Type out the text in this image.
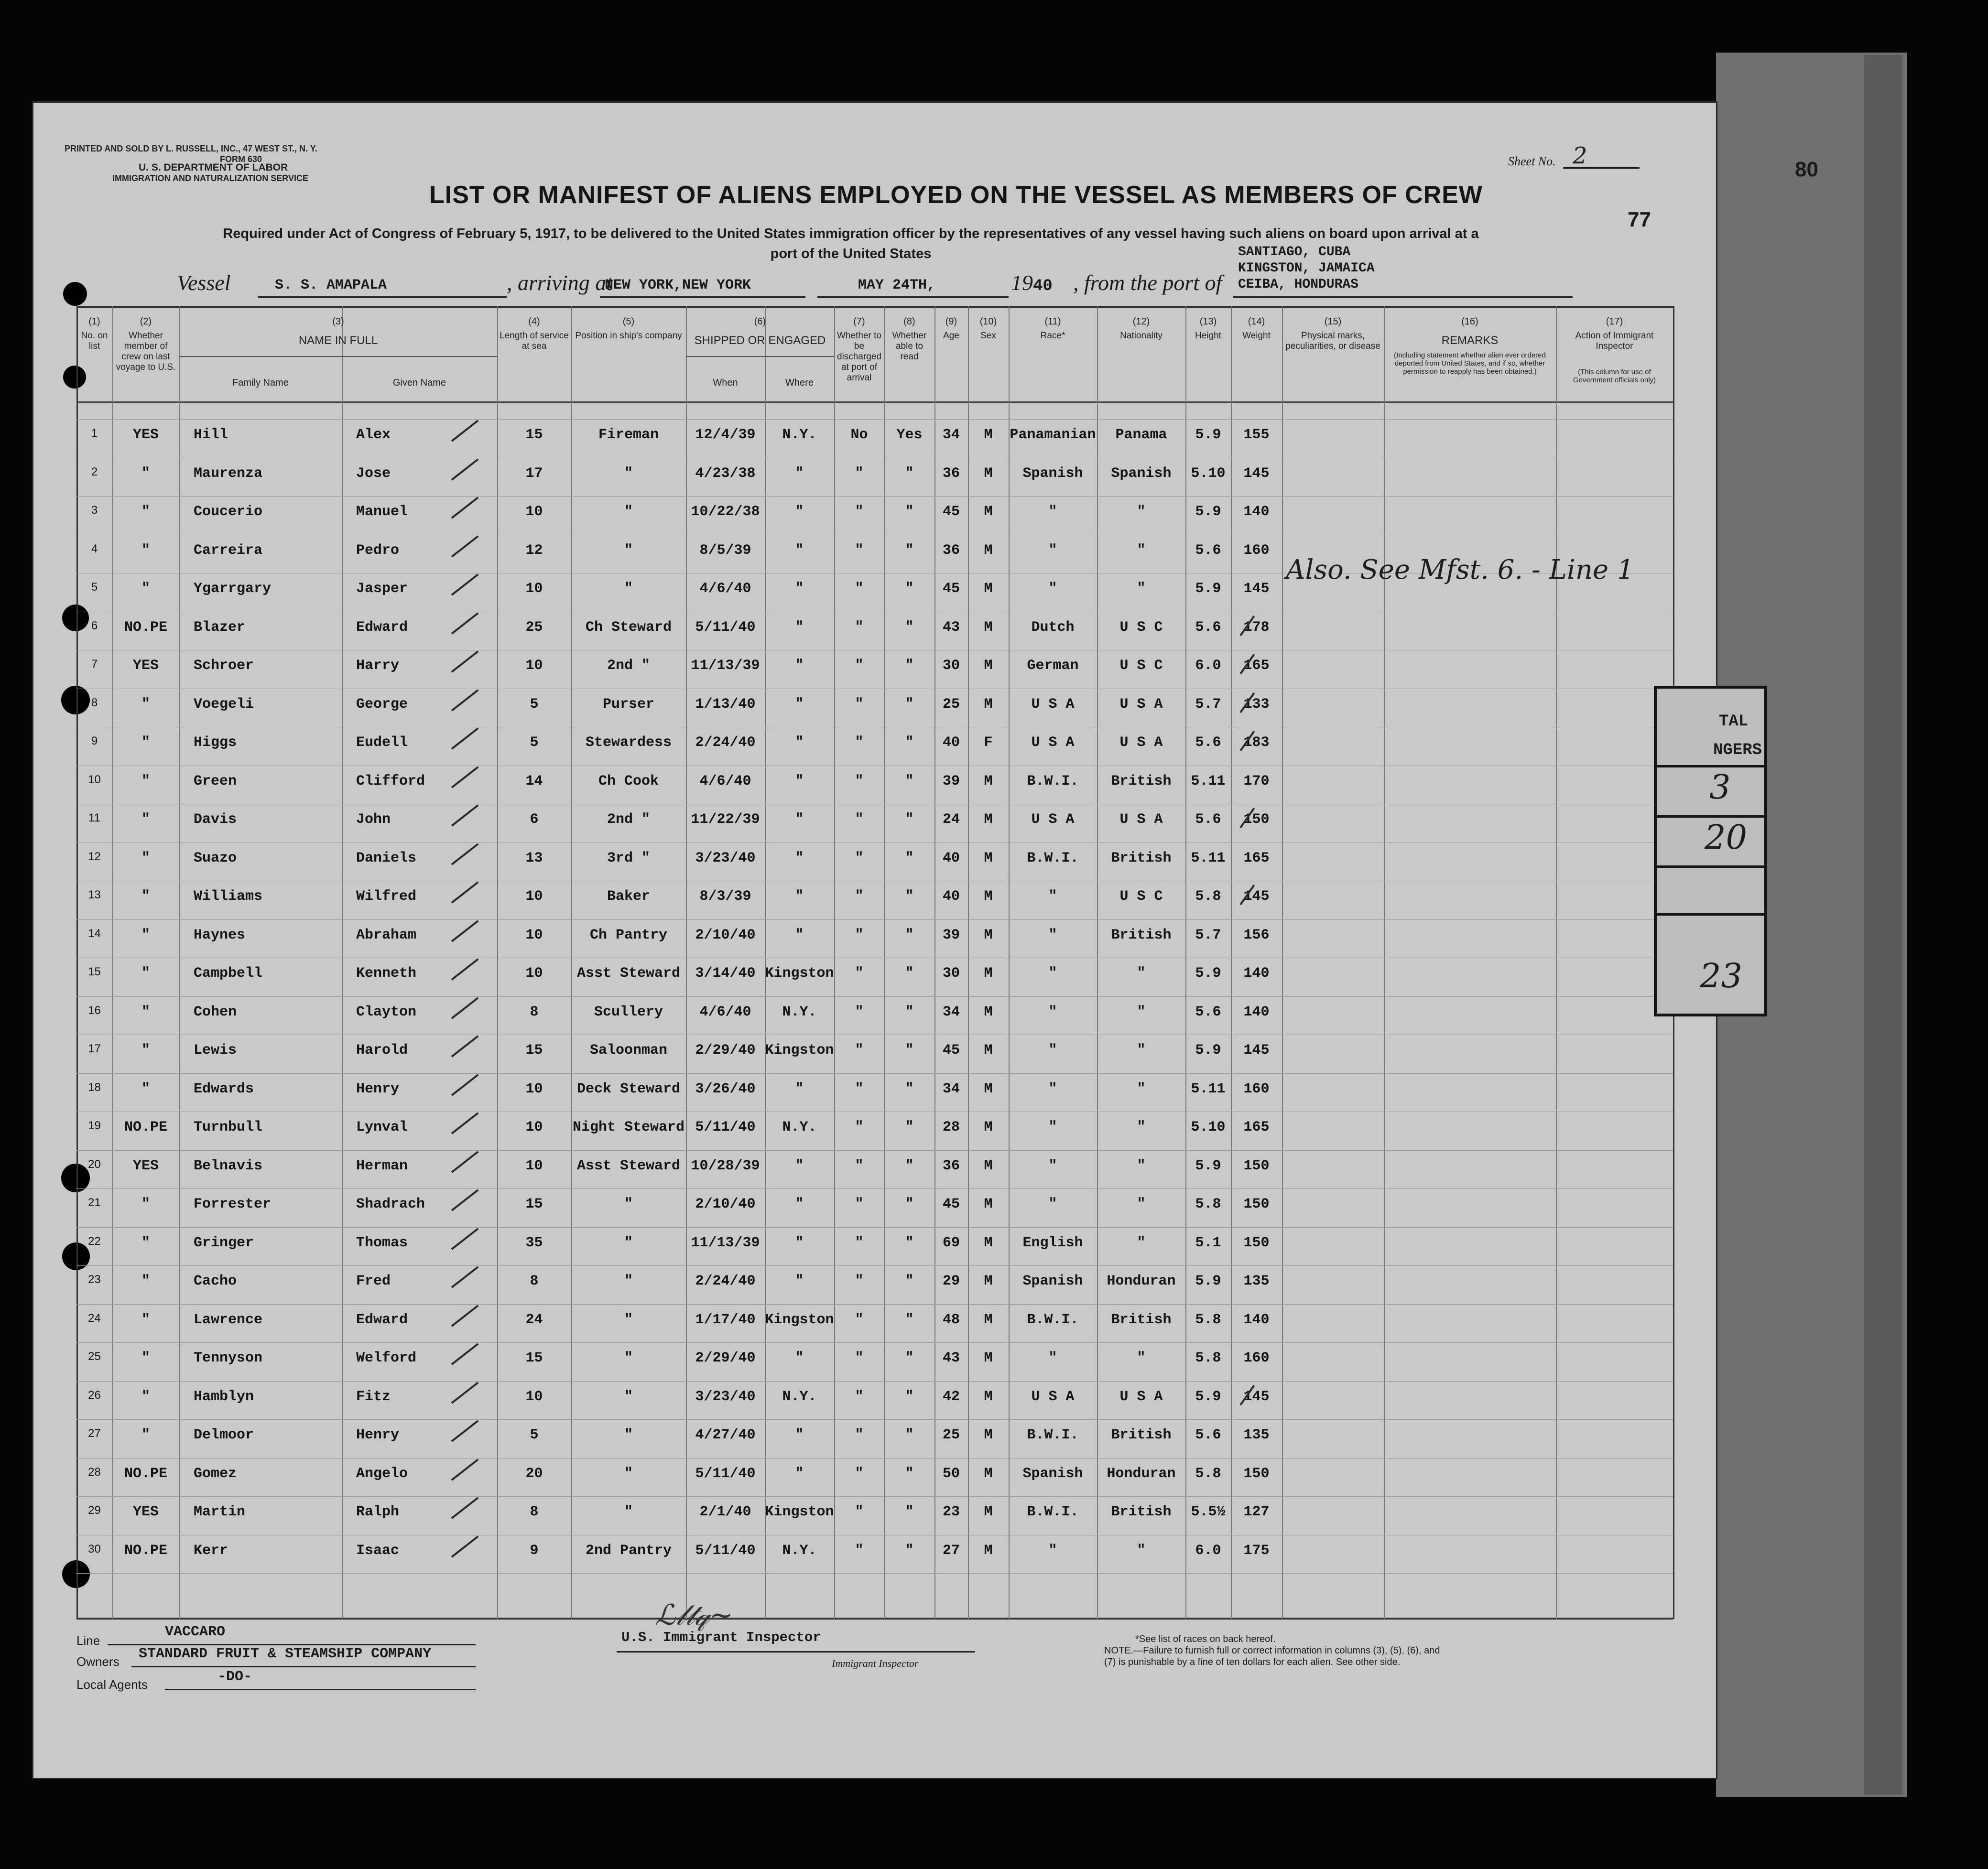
80
PRINTED AND SOLD BY L. RUSSELL, INC., 47 WEST ST., N. Y.
FORM 630
U. S. DEPARTMENT OF LABOR
IMMIGRATION AND NATURALIZATION SERVICE
Sheet No. 2
LIST OR MANIFEST OF ALIENS EMPLOYED ON THE VESSEL AS MEMBERS OF CREW
77
Required under Act of Congress of February 5, 1917, to be delivered to the United States immigration officer by the representatives of any vessel having such aliens on board upon arrival at a
port of the United States
Vessel	S. S. AMAPALA	, arriving at
NEW YORK,NEW YORK	MAY 24TH,	1940 , from the port of
SANTIAGO, CUBA
KINGSTON, JAMAICA
CEIBA, HONDURAS
(1)
No. on list
(2)
Whether member of crew on last voyage to U.S.
(3)
NAME IN FULL
(4)
Length of service at sea
(5)
Position in ship's company
(6)
SHIPPED OR ENGAGED
(7)
Whether to be discharged at port of arrival
(8)
Whether able to read
(9)
Age
(10)
Sex
(11)
Race*
(12)
Nationality
(13)
Height
(14)
Weight
(15)
Physical marks, peculiarities, or disease
(16)
REMARKS
(17)
Action of Immigrant Inspector
Family Name	Given Name	When	Where
(Including statement whether alien ever ordered deported from United States, and if so, whether permission to reapply has been obtained.)	(This column for use of Government officials only)
1	YES	Hill	Alex	15	Fireman	12/4/39	N.Y.	No	Yes	34	M	Panamanian	Panama	5.9	155
2	"	Maurenza	Jose	17	"	4/23/38	"	"	"	36	M	Spanish	Spanish	5.10	145
3	"	Coucerio	Manuel	10	"	10/22/38	"	"	"	45	M	"	"	5.9	140
4	"	Carreira	Pedro	12	"	8/5/39	"	"	"	36	M	"	"	5.6	160
5	"	Ygarrgary	Jasper	10	"	4/6/40	"	"	"	45	M	"	"	5.9	145
6	NO.PE	Blazer	Edward	25	Ch Steward	5/11/40	"	"	"	43	M	Dutch	U S C	5.6	178
7	YES	Schroer	Harry	10	2nd "	11/13/39	"	"	"	30	M	German	U S C	6.0	165
8	"	Voegeli	George	5	Purser	1/13/40	"	"	"	25	M	U S A	U S A	5.7	133
9	"	Higgs	Eudell	5	Stewardess	2/24/40	"	"	"	40	F	U S A	U S A	5.6	183
10	"	Green	Clifford	14	Ch Cook	4/6/40	"	"	"	39	M	B.W.I.	British	5.11	170
11	"	Davis	John	6	2nd "	11/22/39	"	"	"	24	M	U S A	U S A	5.6	150
12	"	Suazo	Daniels	13	3rd "	3/23/40	"	"	"	40	M	B.W.I.	British	5.11	165
13	"	Williams	Wilfred	10	Baker	8/3/39	"	"	"	40	M	"	U S C	5.8	145
14	"	Haynes	Abraham	10	Ch Pantry	2/10/40	"	"	"	39	M	"	British	5.7	156
15	"	Campbell	Kenneth	10	Asst Steward	3/14/40 Kingston	"	"	30	M	"	"	5.9	140
16	"	Cohen	Clayton	8	Scullery	4/6/40	N.Y.	"	"	34	M	"	"	5.6	140
17	"	Lewis	Harold	15	Saloonman	2/29/40 Kingston	"	"	45	M	"	"	5.9	145
18	"	Edwards	Henry	10	Deck Steward	3/26/40	"	"	"	34	M	"	"	5.11	160
19	NO.PE	Turnbull	Lynval	10	Night Steward 5/11/40	N.Y.	"	"	28	M	"	"	5.10	165
20	YES	Belnavis	Herman	10	Asst Steward 10/28/39	"	"	"	36	M	"	"	5.9	150
21	"	Forrester	Shadrach	15	"	2/10/40	"	"	"	45	M	"	"	5.8	150
22	"	Gringer	Thomas	35	"	11/13/39	"	"	"	69	M	English	"	5.1	150
23	"	Cacho	Fred	8	"	2/24/40	"	"	"	29	M	Spanish	Honduran	5.9	135
24	"	Lawrence	Edward	24	"	1/17/40 Kingston	"	"	48	M	B.W.I.	British	5.8	140
25	"	Tennyson	Welford	15	"	2/29/40	"	"	"	43	M	"	"	5.8	160
26	"	Hamblyn	Fitz	10	"	3/23/40	N.Y.	"	"	42	M	U S A	U S A	5.9	145
27	"	Delmoor	Henry	5	"	4/27/40	"	"	"	25	M	B.W.I.	British	5.6	135
28	NO.PE	Gomez	Angelo	20	"	5/11/40	"	"	"	50	M	Spanish	Honduran	5.8	150
29	YES	Martin	Ralph	8	"	2/1/40 Kingston	"	"	23	M	B.W.I.	British	5.5½	127
30	NO.PE	Kerr	Isaac	9	2nd Pantry	5/11/40	N.Y.	"	"	27	M	"	"	6.0	175
TAL
NGERS
3
20
23
Also. See Mfst. 6. - Line 1
Line
VACCARO
Owners STANDARD FRUIT & STEAMSHIP COMPANY
Local Agents	-DO-
ℒ𝓁𝓉𝓆~
U.S. Immigrant Inspector
Immigrant Inspector
*See list of races on back hereof.
NOTE.—Failure to furnish full or correct information in columns (3), (5), (6), and
(7) is punishable by a fine of ten dollars for each alien. See other side.
